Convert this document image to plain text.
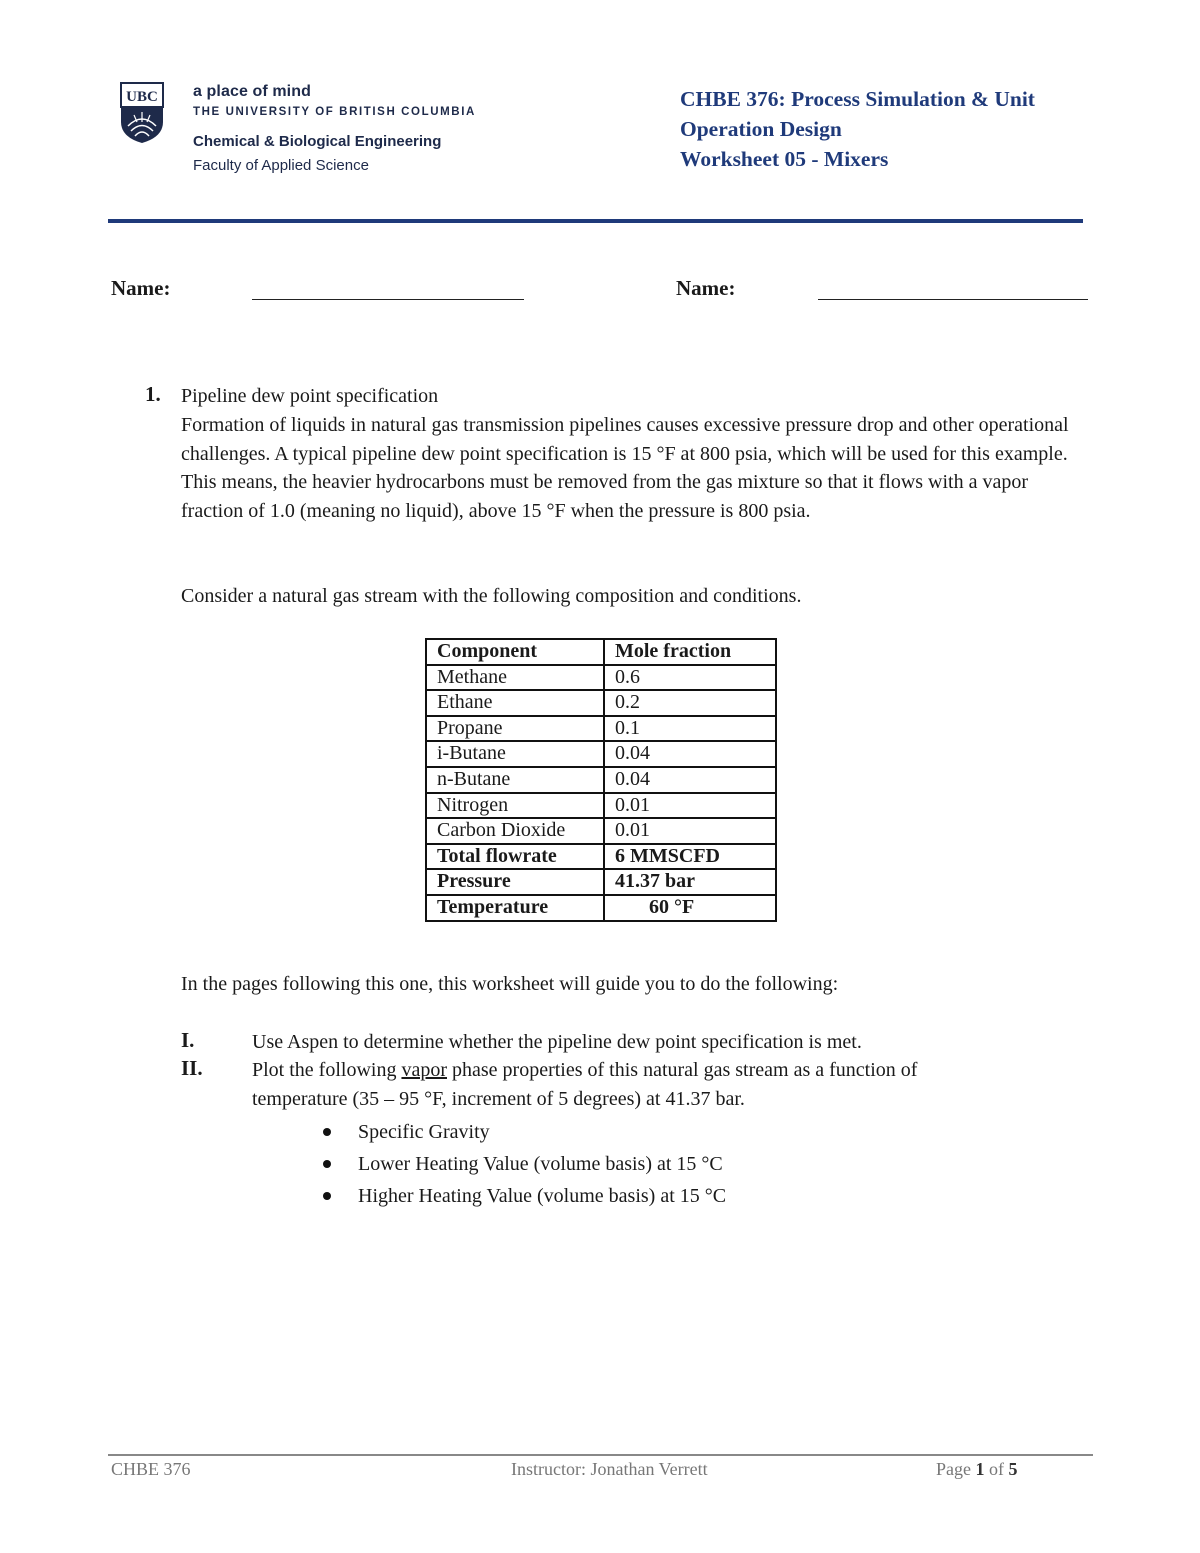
UBC a place of mind
THE UNIVERSITY OF BRITISH COLUMBIA
Chemical & Biological Engineering
Faculty of Applied Science
CHBE 376: Process Simulation & Unit
Operation Design
Worksheet 05 - Mixers
Name:	Name:
1. Pipeline dew point specification

Formation of liquids in natural gas transmission pipelines causes excessive pressure drop and other operational challenges. A typical pipeline dew point specification is 15 °F at 800 psia, which will be used for this example. This means, the heavier hydrocarbons must be removed from the gas mixture so that it flows with a vapor fraction of 1.0 (meaning no liquid), above 15 °F when the pressure is 800 psia.

Consider a natural gas stream with the following composition and conditions.
Component	Mole fraction
Methane	0.6
Ethane	0.2
Propane	0.1
i-Butane	0.04
n-Butane	0.04
Nitrogen	0.01
Carbon Dioxide	0.01
Total flowrate	6 MMSCFD
Pressure	41.37 bar
Temperature	60 °F
In the pages following this one, this worksheet will guide you to do the following:
I.	Use Aspen to determine whether the pipeline dew point specification is met.
II. Plot the following vapor phase properties of this natural gas stream as a function of
temperature (35 – 95 °F, increment of 5 degrees) at 41.37 bar.
Specific Gravity
Lower Heating Value (volume basis) at 15 °C
Higher Heating Value (volume basis) at 15 °C
CHBE 376	Instructor: Jonathan Verrett	Page 1 of 5
